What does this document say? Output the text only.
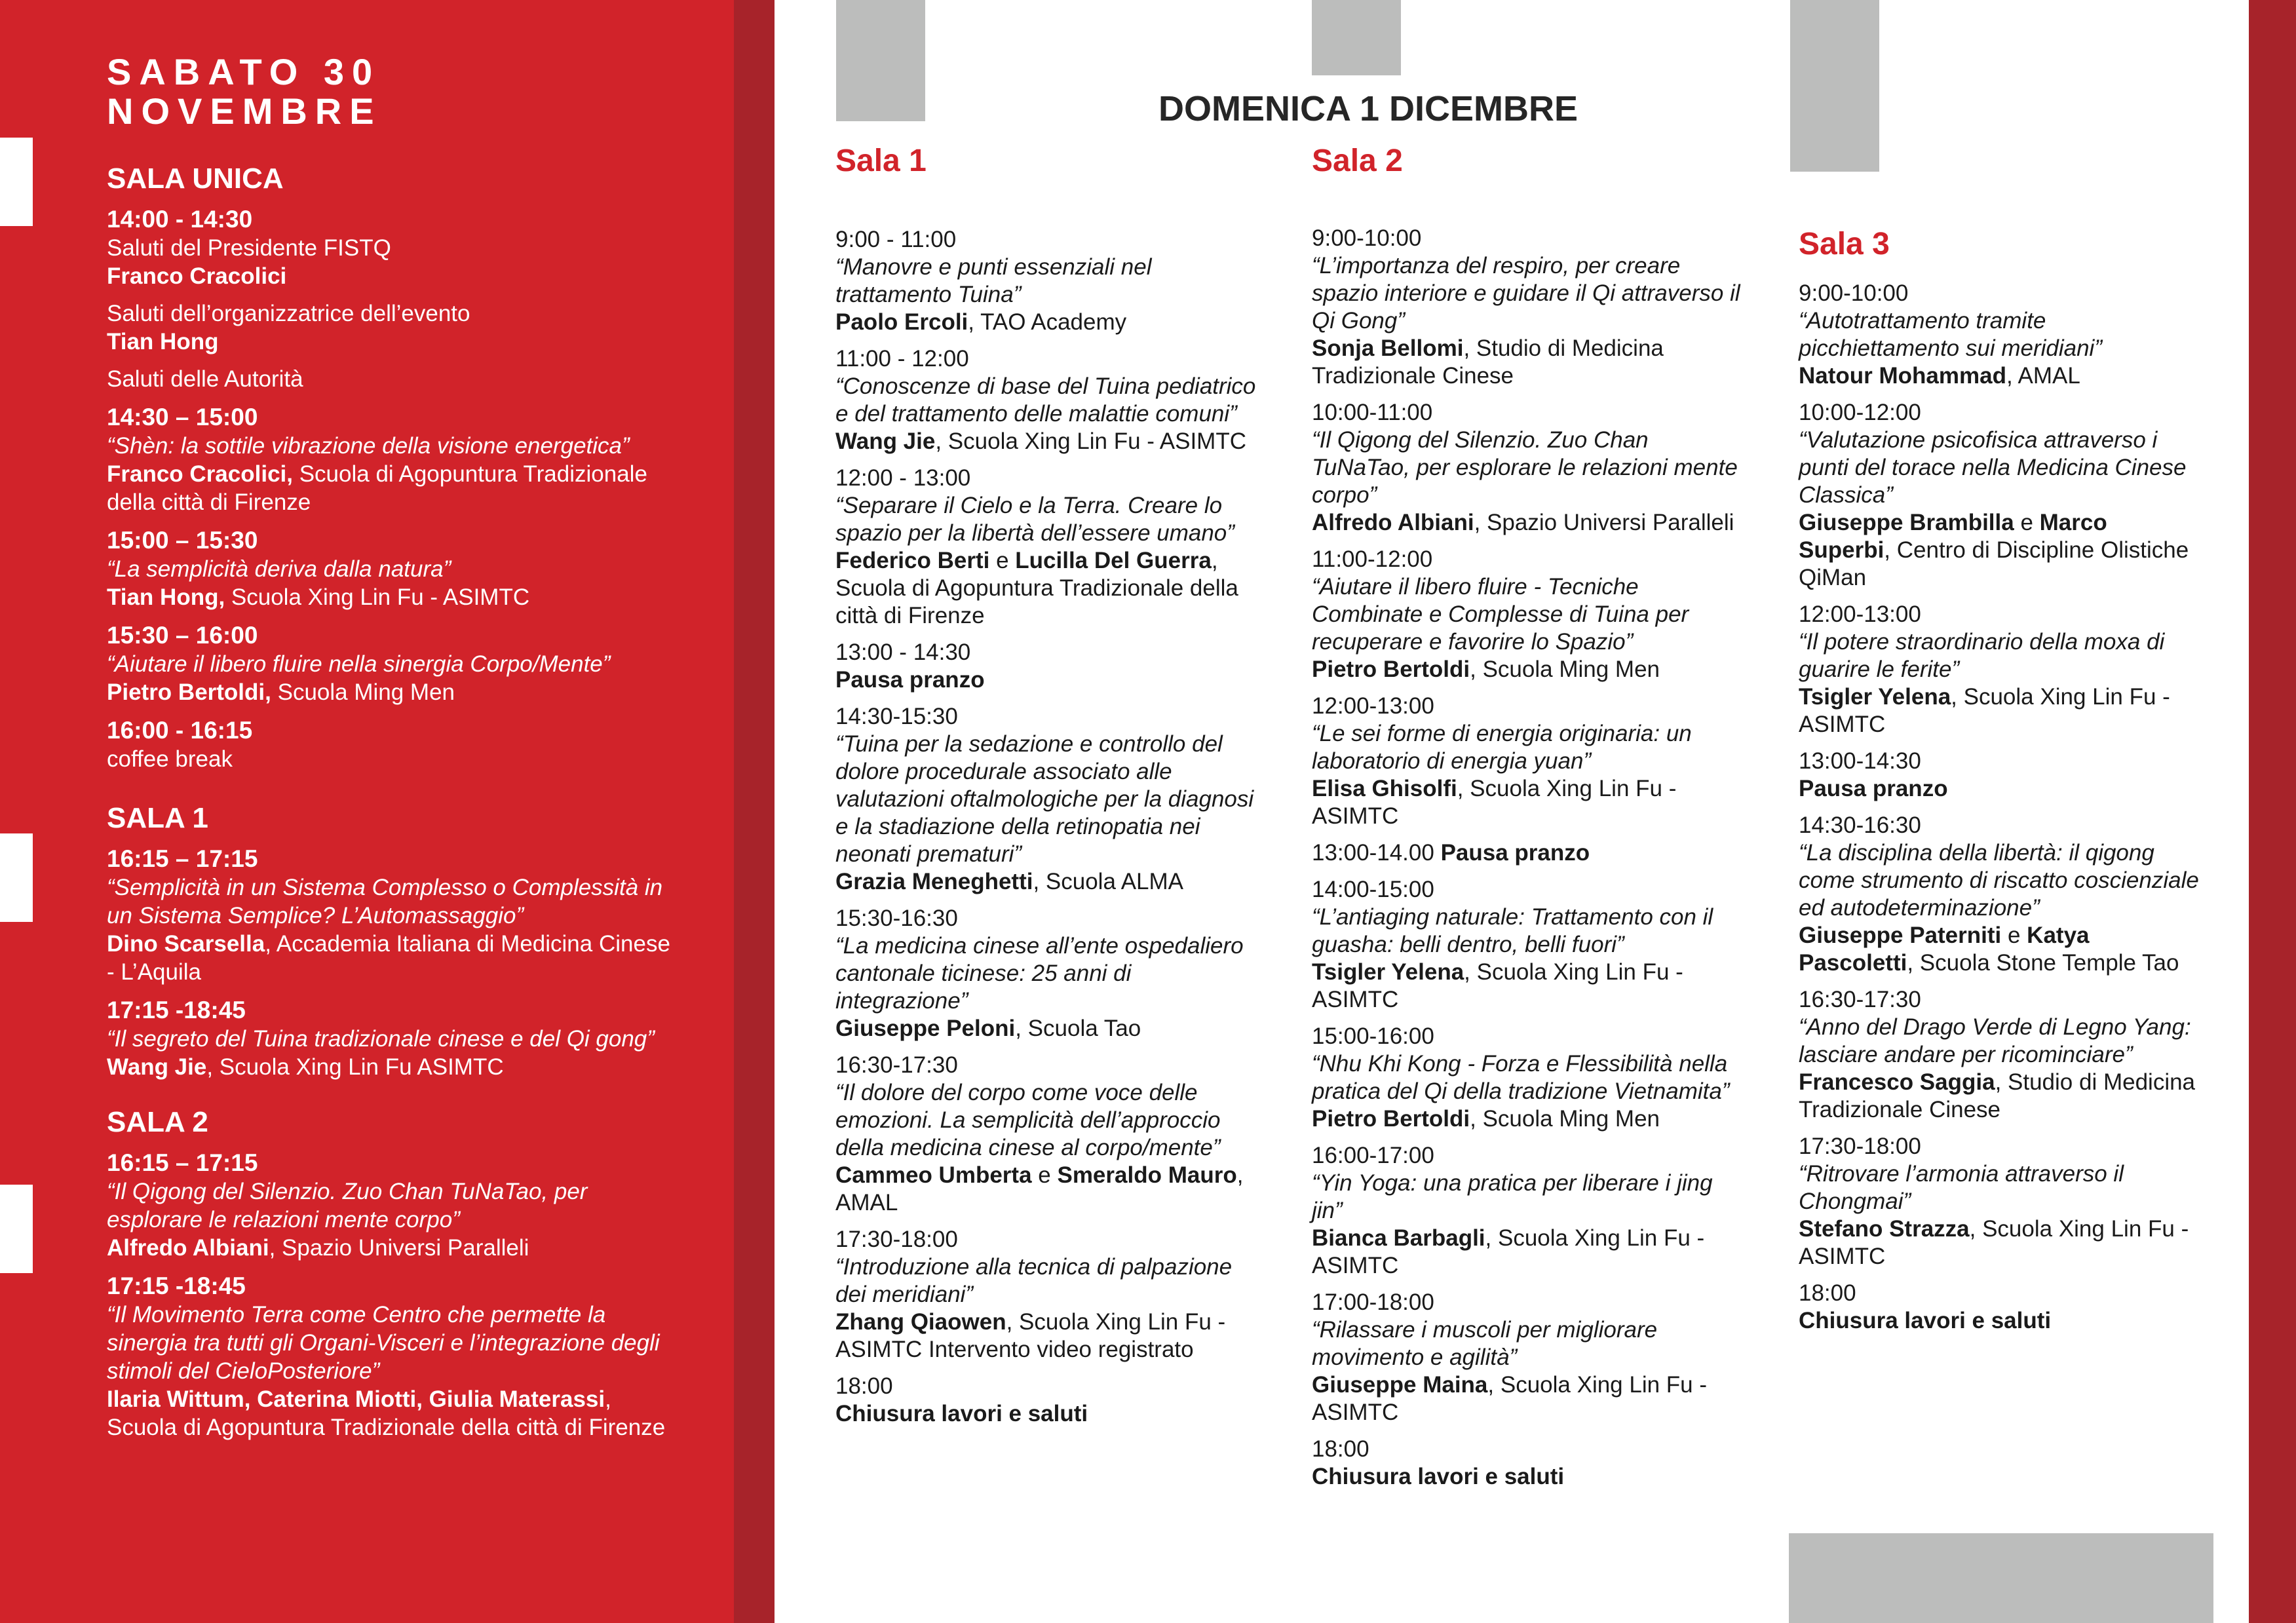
SABATO 30 NOVEMBRE
SALA UNICA
14:00 - 14:30
Saluti del Presidente FISTQ
Franco Cracolici
Saluti dell’organizzatrice dell’evento
Tian Hong
Saluti delle Autorità
14:30 – 15:00
“Shèn: la sottile vibrazione della visione energetica”
Franco Cracolici, Scuola di Agopuntura Tradizionale della città di Firenze
15:00 – 15:30
“La semplicità deriva dalla natura”
Tian Hong, Scuola Xing Lin Fu - ASIMTC
15:30 – 16:00
“Aiutare il libero fluire nella sinergia Corpo/Mente”
Pietro Bertoldi, Scuola Ming Men
16:00 - 16:15
coffee break
SALA 1
16:15 – 17:15
“Semplicità in un Sistema Complesso o Complessità in un Sistema Semplice? L’Automassaggio”
Dino Scarsella, Accademia Italiana di Medicina Cinese - L’Aquila
17:15 -18:45
“Il segreto del Tuina tradizionale cinese e del Qi gong”
Wang Jie, Scuola Xing Lin Fu ASIMTC
SALA 2
16:15 – 17:15
“Il Qigong del Silenzio. Zuo Chan TuNaTao, per esplorare le relazioni mente corpo”
Alfredo Albiani, Spazio Universi Paralleli
17:15 -18:45
“Il Movimento Terra come Centro che permette la sinergia tra tutti gli Organi-Visceri e l’integrazione degli stimoli del CieloPosteriore”
Ilaria Wittum, Caterina Miotti, Giulia Materassi, Scuola di Agopuntura Tradizionale della città di Firenze
DOMENICA 1 DICEMBRE
Sala 1
9:00 - 11:00
“Manovre e punti essenziali nel trattamento Tuina”
Paolo Ercoli, TAO Academy
11:00 - 12:00
“Conoscenze di base del Tuina pediatrico e del trattamento delle malattie comuni”
Wang Jie, Scuola Xing Lin Fu - ASIMTC
12:00 - 13:00
“Separare il Cielo e la Terra. Creare lo spazio per la libertà dell’essere umano”
Federico Berti e Lucilla Del Guerra, Scuola di Agopuntura Tradizionale della città di Firenze
13:00 - 14:30
Pausa pranzo
14:30-15:30
“Tuina per la sedazione e controllo del dolore procedurale associato alle valutazioni oftalmologiche per la diagnosi e la stadiazione della retinopatia nei neonati prematuri”
Grazia Meneghetti, Scuola ALMA
15:30-16:30
“La medicina cinese all’ente ospedaliero cantonale ticinese: 25 anni di integrazione”
Giuseppe Peloni, Scuola Tao
16:30-17:30
“Il dolore del corpo come voce delle emozioni. La semplicità dell’approccio della medicina cinese al corpo/mente”
Cammeo Umberta e Smeraldo Mauro, AMAL
17:30-18:00
“Introduzione alla tecnica di palpazione dei meridiani”
Zhang Qiaowen, Scuola Xing Lin Fu - ASIMTC Intervento video registrato
18:00
Chiusura lavori e saluti
Sala 2
9:00-10:00
“L’importanza del respiro, per creare spazio interiore e guidare il Qi attraverso il Qi Gong”
Sonja Bellomi, Studio di Medicina Tradizionale Cinese
10:00-11:00
“Il Qigong del Silenzio. Zuo Chan TuNaTao, per esplorare le relazioni mente corpo”
Alfredo Albiani, Spazio Universi Paralleli
11:00-12:00
“Aiutare il libero fluire - Tecniche Combinate e Complesse di Tuina per recuperare e favorire lo Spazio”
Pietro Bertoldi, Scuola Ming Men
12:00-13:00
“Le sei forme di energia originaria: un laboratorio di energia yuan”
Elisa Ghisolfi, Scuola Xing Lin Fu - ASIMTC
13:00-14.00 Pausa pranzo
14:00-15:00
“L’antiaging naturale: Trattamento con il guasha: belli dentro, belli fuori”
Tsigler Yelena, Scuola Xing Lin Fu - ASIMTC
15:00-16:00
“Nhu Khi Kong - Forza e Flessibilità nella pratica del Qi della tradizione Vietnamita”
Pietro Bertoldi, Scuola Ming Men
16:00-17:00
“Yin Yoga: una pratica per liberare i jing jin”
Bianca Barbagli, Scuola Xing Lin Fu - ASIMTC
17:00-18:00
“Rilassare i muscoli per migliorare movimento e agilità”
Giuseppe Maina, Scuola Xing Lin Fu - ASIMTC
18:00
Chiusura lavori e saluti
Sala 3
9:00-10:00
“Autotrattamento tramite picchiettamento sui meridiani”
Natour Mohammad, AMAL
10:00-12:00
“Valutazione psicofisica attraverso i punti del torace nella Medicina Cinese Classica”
Giuseppe Brambilla e Marco Superbi, Centro di Discipline Olistiche QiMan
12:00-13:00
“Il potere straordinario della moxa di guarire le ferite”
Tsigler Yelena, Scuola Xing Lin Fu - ASIMTC
13:00-14:30
Pausa pranzo
14:30-16:30
“La disciplina della libertà: il qigong come strumento di riscatto coscienziale ed autodeterminazione”
Giuseppe Paterniti e Katya Pascoletti, Scuola Stone Temple Tao
16:30-17:30
“Anno del Drago Verde di Legno Yang: lasciare andare per ricominciare”
Francesco Saggia, Studio di Medicina Tradizionale Cinese
17:30-18:00
“Ritrovare l’armonia attraverso il Chongmai”
Stefano Strazza, Scuola Xing Lin Fu - ASIMTC
18:00
Chiusura lavori e saluti
